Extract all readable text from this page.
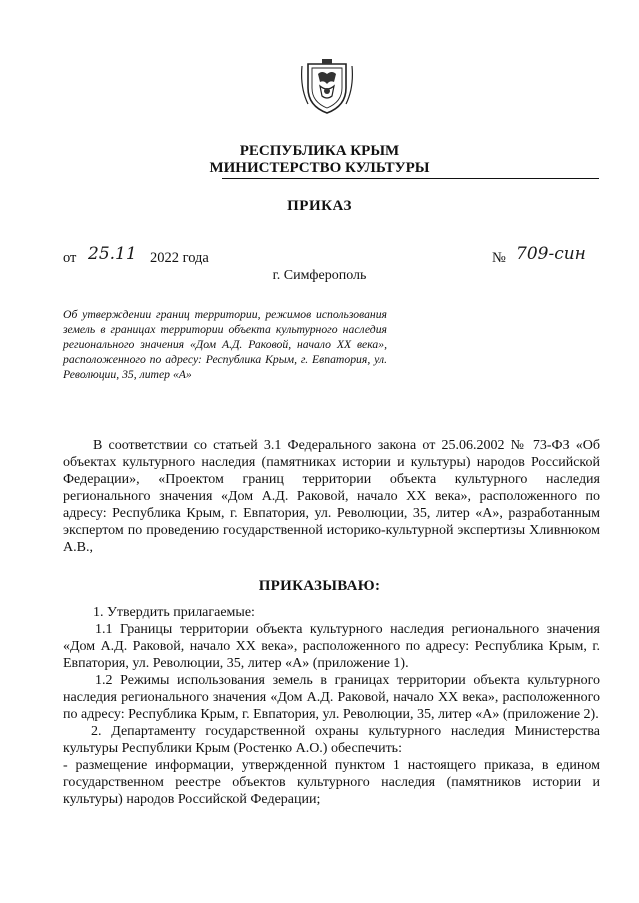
РЕСПУБЛИКА КРЫМ
МИНИСТЕРСТВО КУЛЬТУРЫ
ПРИКАЗ
от 25.11 2022 года	№ 709-син
г. Симферополь
Об утверждении границ территории, режимов использования земель в границах территории объекта культурного наследия регионального значения «Дом А.Д. Раковой, начало XX века», расположенного по адресу: Республика Крым, г. Евпатория, ул. Революции, 35, литер «А»
В соответствии со статьей 3.1 Федерального закона от 25.06.2002 № 73-ФЗ «Об объектах культурного наследия (памятниках истории и культуры) народов Российской Федерации», «Проектом границ территории объекта культурного наследия регионального значения «Дом А.Д. Раковой, начало XX века», расположенного по адресу: Республика Крым, г. Евпатория, ул. Революции, 35, литер «А», разработанным экспертом по проведению государственной историко-культурной экспертизы Хливнюком А.В.,
ПРИКАЗЫВАЮ:
1. Утвердить прилагаемые:
1.1 Границы территории объекта культурного наследия регионального значения «Дом А.Д. Раковой, начало XX века», расположенного по адресу: Республика Крым, г. Евпатория, ул. Революции, 35, литер «А» (приложение 1).
1.2 Режимы использования земель в границах территории объекта культурного наследия регионального значения «Дом А.Д. Раковой, начало XX века», расположенного по адресу: Республика Крым, г. Евпатория, ул. Революции, 35, литер «А» (приложение 2).
2. Департаменту государственной охраны культурного наследия Министерства культуры Республики Крым (Ростенко А.О.) обеспечить:
- размещение информации, утвержденной пунктом 1 настоящего приказа, в едином государственном реестре объектов культурного наследия (памятников истории и культуры) народов Российской Федерации;
